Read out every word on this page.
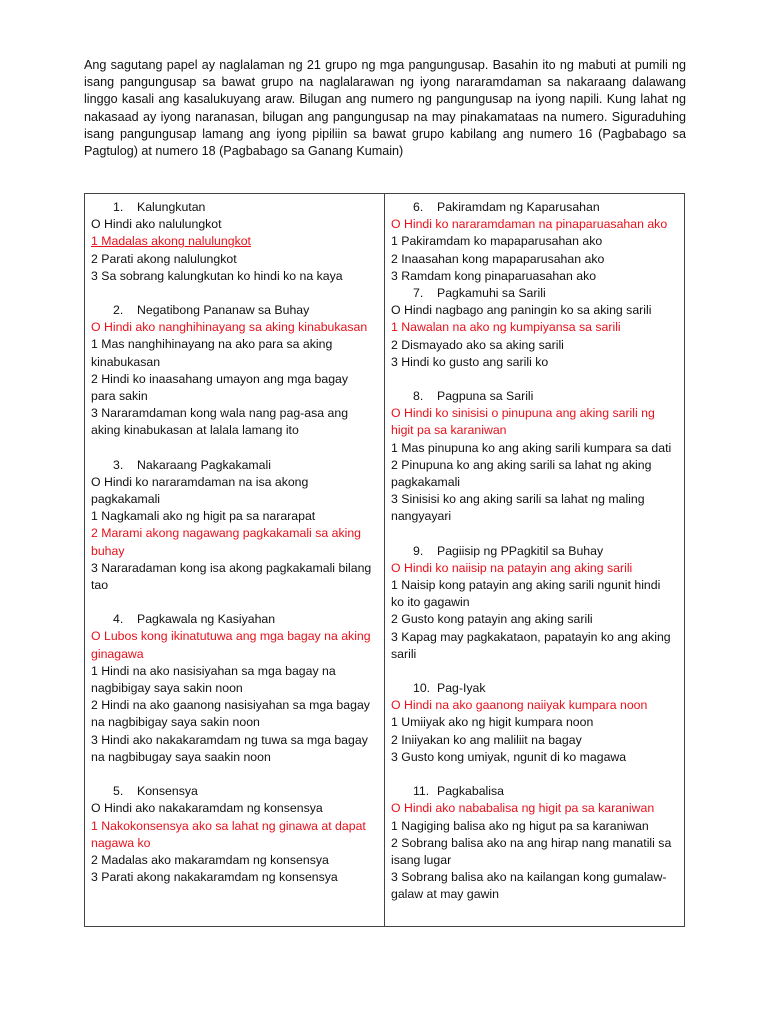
Ang sagutang papel ay naglalaman ng 21 grupo ng mga pangungusap. Basahin ito ng mabuti at pumili ng isang pangungusap sa bawat grupo na naglalarawan ng iyong nararamdaman sa nakaraang dalawang linggo kasali ang kasalukuyang araw. Bilugan ang numero ng pangungusap na iyong napili. Kung lahat ng nakasaad ay iyong naranasan, bilugan ang pangungusap na may pinakamataas na numero. Siguraduhing isang pangungusap lamang ang iyong pipiliin sa bawat grupo kabilang ang numero 16 (Pagbabago sa Pagtulog) at numero 18 (Pagbabago sa Ganang Kumain)

1. Kalungkutan
O Hindi ako nalulungkot
1 Madalas akong nalulungkot
2 Parati akong nalulungkot
3 Sa sobrang kalungkutan ko hindi ko na kaya
2. Negatibong Pananaw sa Buhay
O Hindi ako nanghihinayang sa aking kinabukasan
1 Mas nanghihinayang na ako para sa aking kinabukasan
2 Hindi ko inaasahang umayon ang mga bagay para sakin
3 Nararamdaman kong wala nang pag-asa ang aking kinabukasan at lalala lamang ito
3. Nakaraang Pagkakamali
O Hindi ko nararamdaman na isa akong pagkakamali
1 Nagkamali ako ng higit pa sa nararapat
2 Marami akong nagawang pagkakamali sa aking buhay
3 Nararadaman kong isa akong pagkakamali bilang tao
4. Pagkawala ng Kasiyahan
O Lubos kong ikinatutuwa ang mga bagay na aking ginagawa
1 Hindi na ako nasisiyahan sa mga bagay na nagbibigay saya sakin noon
2 Hindi na ako gaanong nasisiyahan sa mga bagay na nagbibigay saya sakin noon
3 Hindi ako nakakaramdam ng tuwa sa mga bagay na nagbibugay saya saakin noon
5. Konsensya
O Hindi ako nakakaramdam ng konsensya
1 Nakokonsensya ako sa lahat ng ginawa at dapat nagawa ko
2 Madalas ako makaramdam ng konsensya
3 Parati akong nakakaramdam ng konsensya
6. Pakiramdam ng Kaparusahan
O Hindi ko nararamdaman na pinaparuasahan ako
1 Pakiramdam ko mapaparusahan ako
2 Inaasahan kong mapaparusahan ako
3 Ramdam kong pinaparuasahan ako
7. Pagkamuhi sa Sarili
O Hindi nagbago ang paningin ko sa aking sarili
1 Nawalan na ako ng kumpiyansa sa sarili
2 Dismayado ako sa aking sarili
3 Hindi ko gusto ang sarili ko
8. Pagpuna sa Sarili
O Hindi ko sinisisi o pinupuna ang aking sarili ng higit pa sa karaniwan
1 Mas pinupuna ko ang aking sarili kumpara sa dati
2 Pinupuna ko ang aking sarili sa lahat ng aking pagkakamali
3 Sinisisi ko ang aking sarili sa lahat ng maling nangyayari
9. Pagiisip ng PPagkitil sa Buhay
O Hindi ko naiisip na patayin ang aking sarili
1 Naisip kong patayin ang aking sarili ngunit hindi ko ito gagawin
2 Gusto kong patayin ang aking sarili
3 Kapag may pagkakataon, papatayin ko ang aking sarili
10. Pag-Iyak
O Hindi na ako gaanong naiiyak kumpara noon
1 Umiiyak ako ng higit kumpara noon
2 Iniiyakan ko ang maliliit na bagay
3 Gusto kong umiyak, ngunit di ko magawa
11. Pagkabalisa
O Hindi ako nababalisa ng higit pa sa karaniwan
1 Nagiging balisa ako ng higut pa sa karaniwan
2 Sobrang balisa ako na ang hirap nang manatili sa isang lugar
3 Sobrang balisa ako na kailangan kong gumalaw-galaw at may gawin
